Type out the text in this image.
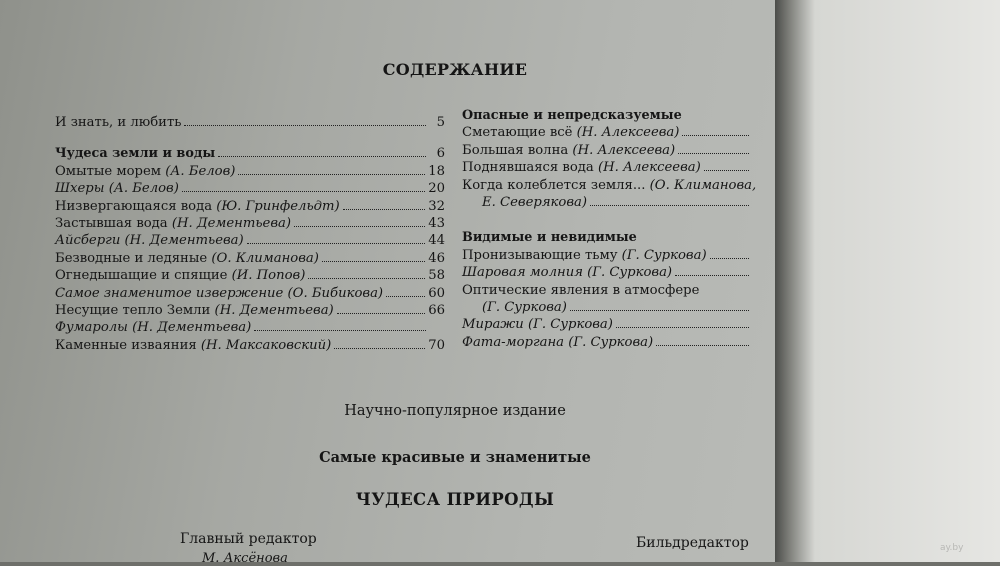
СОДЕРЖАНИЕ
И знать, и любить	5
Чудеса земли и воды	6
Омытые морем (А. Белов)	18
Шхеры (А. Белов)	20
Низвергающаяся вода (Ю. Гринфельдт)	32
Застывшая вода (Н. Дементьева)	43
Айсберги (Н. Дементьева)	44
Безводные и ледяные (О. Климанова)	46
Огнедышащие и спящие (И. Попов)	58
Самое знаменитое извержение (О. Бибикова)	60
Несущие тепло Земли (Н. Дементьева)	66
Фумаролы (Н. Дементьева)
Каменные изваяния (Н. Максаковский)	70
Опасные и непредсказуемые
Сметающие всё (Н. Алексеева)
Большая волна (Н. Алексеева)
Поднявшаяся вода (Н. Алексеева)
Когда колеблется земля... (О. Климанова,
Е. Северякова)
Видимые и невидимые
Пронизывающие тьму (Г. Суркова)
Шаровая молния (Г. Суркова)
Оптические явления в атмосфере
(Г. Суркова)
Миражи (Г. Суркова)
Фата-моргана (Г. Суркова)
Научно-популярное издание
Самые красивые и знаменитые
ЧУДЕСА ПРИРОДЫ
Главный редактор
М. Аксёнова
Бильдредактор	ay.by
